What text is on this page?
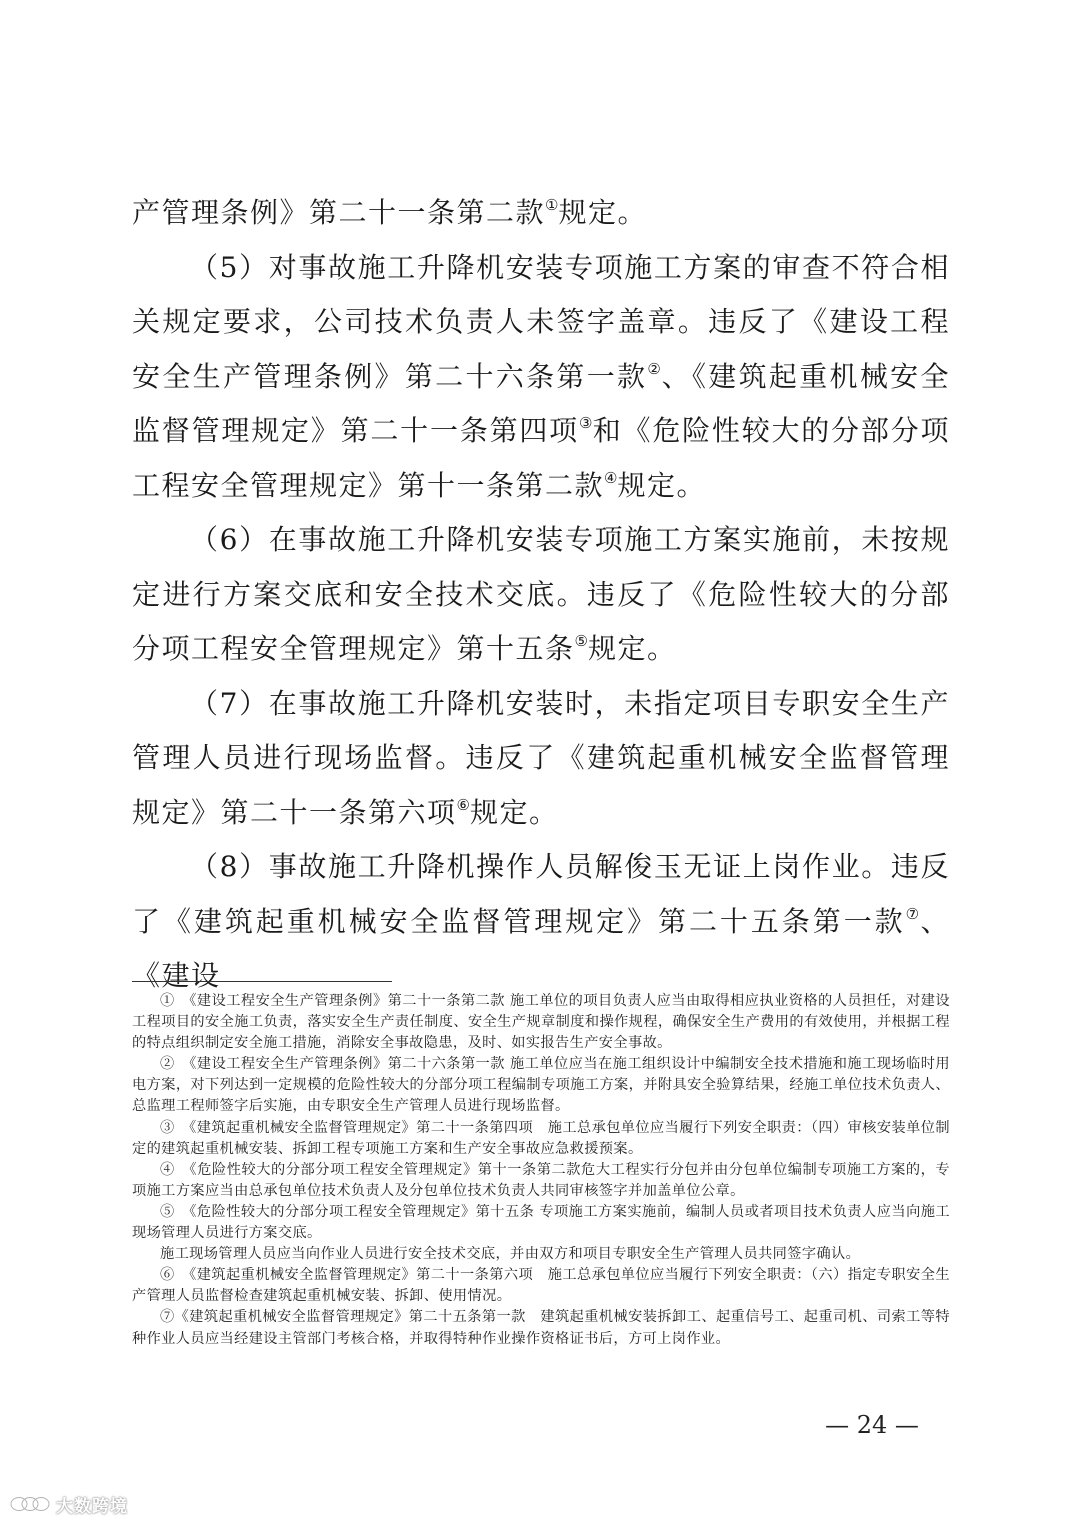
产管理条例》第二十一条第二款①规定。

（5）对事故施工升降机安装专项施工方案的审查不符合相关规定要求，公司技术负责人未签字盖章。违反了《建设工程安全生产管理条例》第二十六条第一款②、《建筑起重机械安全监督管理规定》第二十一条第四项③和《危险性较大的分部分项工程安全管理规定》第十一条第二款④规定。

（6）在事故施工升降机安装专项施工方案实施前，未按规定进行方案交底和安全技术交底。违反了《危险性较大的分部分项工程安全管理规定》第十五条⑤规定。

（7）在事故施工升降机安装时，未指定项目专职安全生产管理人员进行现场监督。违反了《建筑起重机械安全监督管理规定》第二十一条第六项⑥规定。

（8）事故施工升降机操作人员解俊玉无证上岗作业。违反了《建筑起重机械安全监督管理规定》第二十五条第一款⑦、《建设

①　《建设工程安全生产管理条例》第二十一条第二款 施工单位的项目负责人应当由取得相应执业资格的人员担任，对建设工程项目的安全施工负责，落实安全生产责任制度、安全生产规章制度和操作规程，确保安全生产费用的有效使用，并根据工程的特点组织制定安全施工措施，消除安全事故隐患，及时、如实报告生产安全事故。

②　《建设工程安全生产管理条例》第二十六条第一款 施工单位应当在施工组织设计中编制安全技术措施和施工现场临时用电方案，对下列达到一定规模的危险性较大的分部分项工程编制专项施工方案，并附具安全验算结果，经施工单位技术负责人、总监理工程师签字后实施，由专职安全生产管理人员进行现场监督。

③　《建筑起重机械安全监督管理规定》第二十一条第四项　施工总承包单位应当履行下列安全职责：（四）审核安装单位制定的建筑起重机械安装、拆卸工程专项施工方案和生产安全事故应急救援预案。

④　《危险性较大的分部分项工程安全管理规定》第十一条第二款危大工程实行分包并由分包单位编制专项施工方案的，专项施工方案应当由总承包单位技术负责人及分包单位技术负责人共同审核签字并加盖单位公章。

⑤　《危险性较大的分部分项工程安全管理规定》第十五条 专项施工方案实施前，编制人员或者项目技术负责人应当向施工现场管理人员进行方案交底。

施工现场管理人员应当向作业人员进行安全技术交底，并由双方和项目专职安全生产管理人员共同签字确认。

⑥　《建筑起重机械安全监督管理规定》第二十一条第六项　施工总承包单位应当履行下列安全职责：（六）指定专职安全生产管理人员监督检查建筑起重机械安装、拆卸、使用情况。

⑦《建筑起重机械安全监督管理规定》第二十五条第一款　建筑起重机械安装拆卸工、起重信号工、起重司机、司索工等特种作业人员应当经建设主管部门考核合格，并取得特种作业操作资格证书后，方可上岗作业。

— 24 —
大数跨境
